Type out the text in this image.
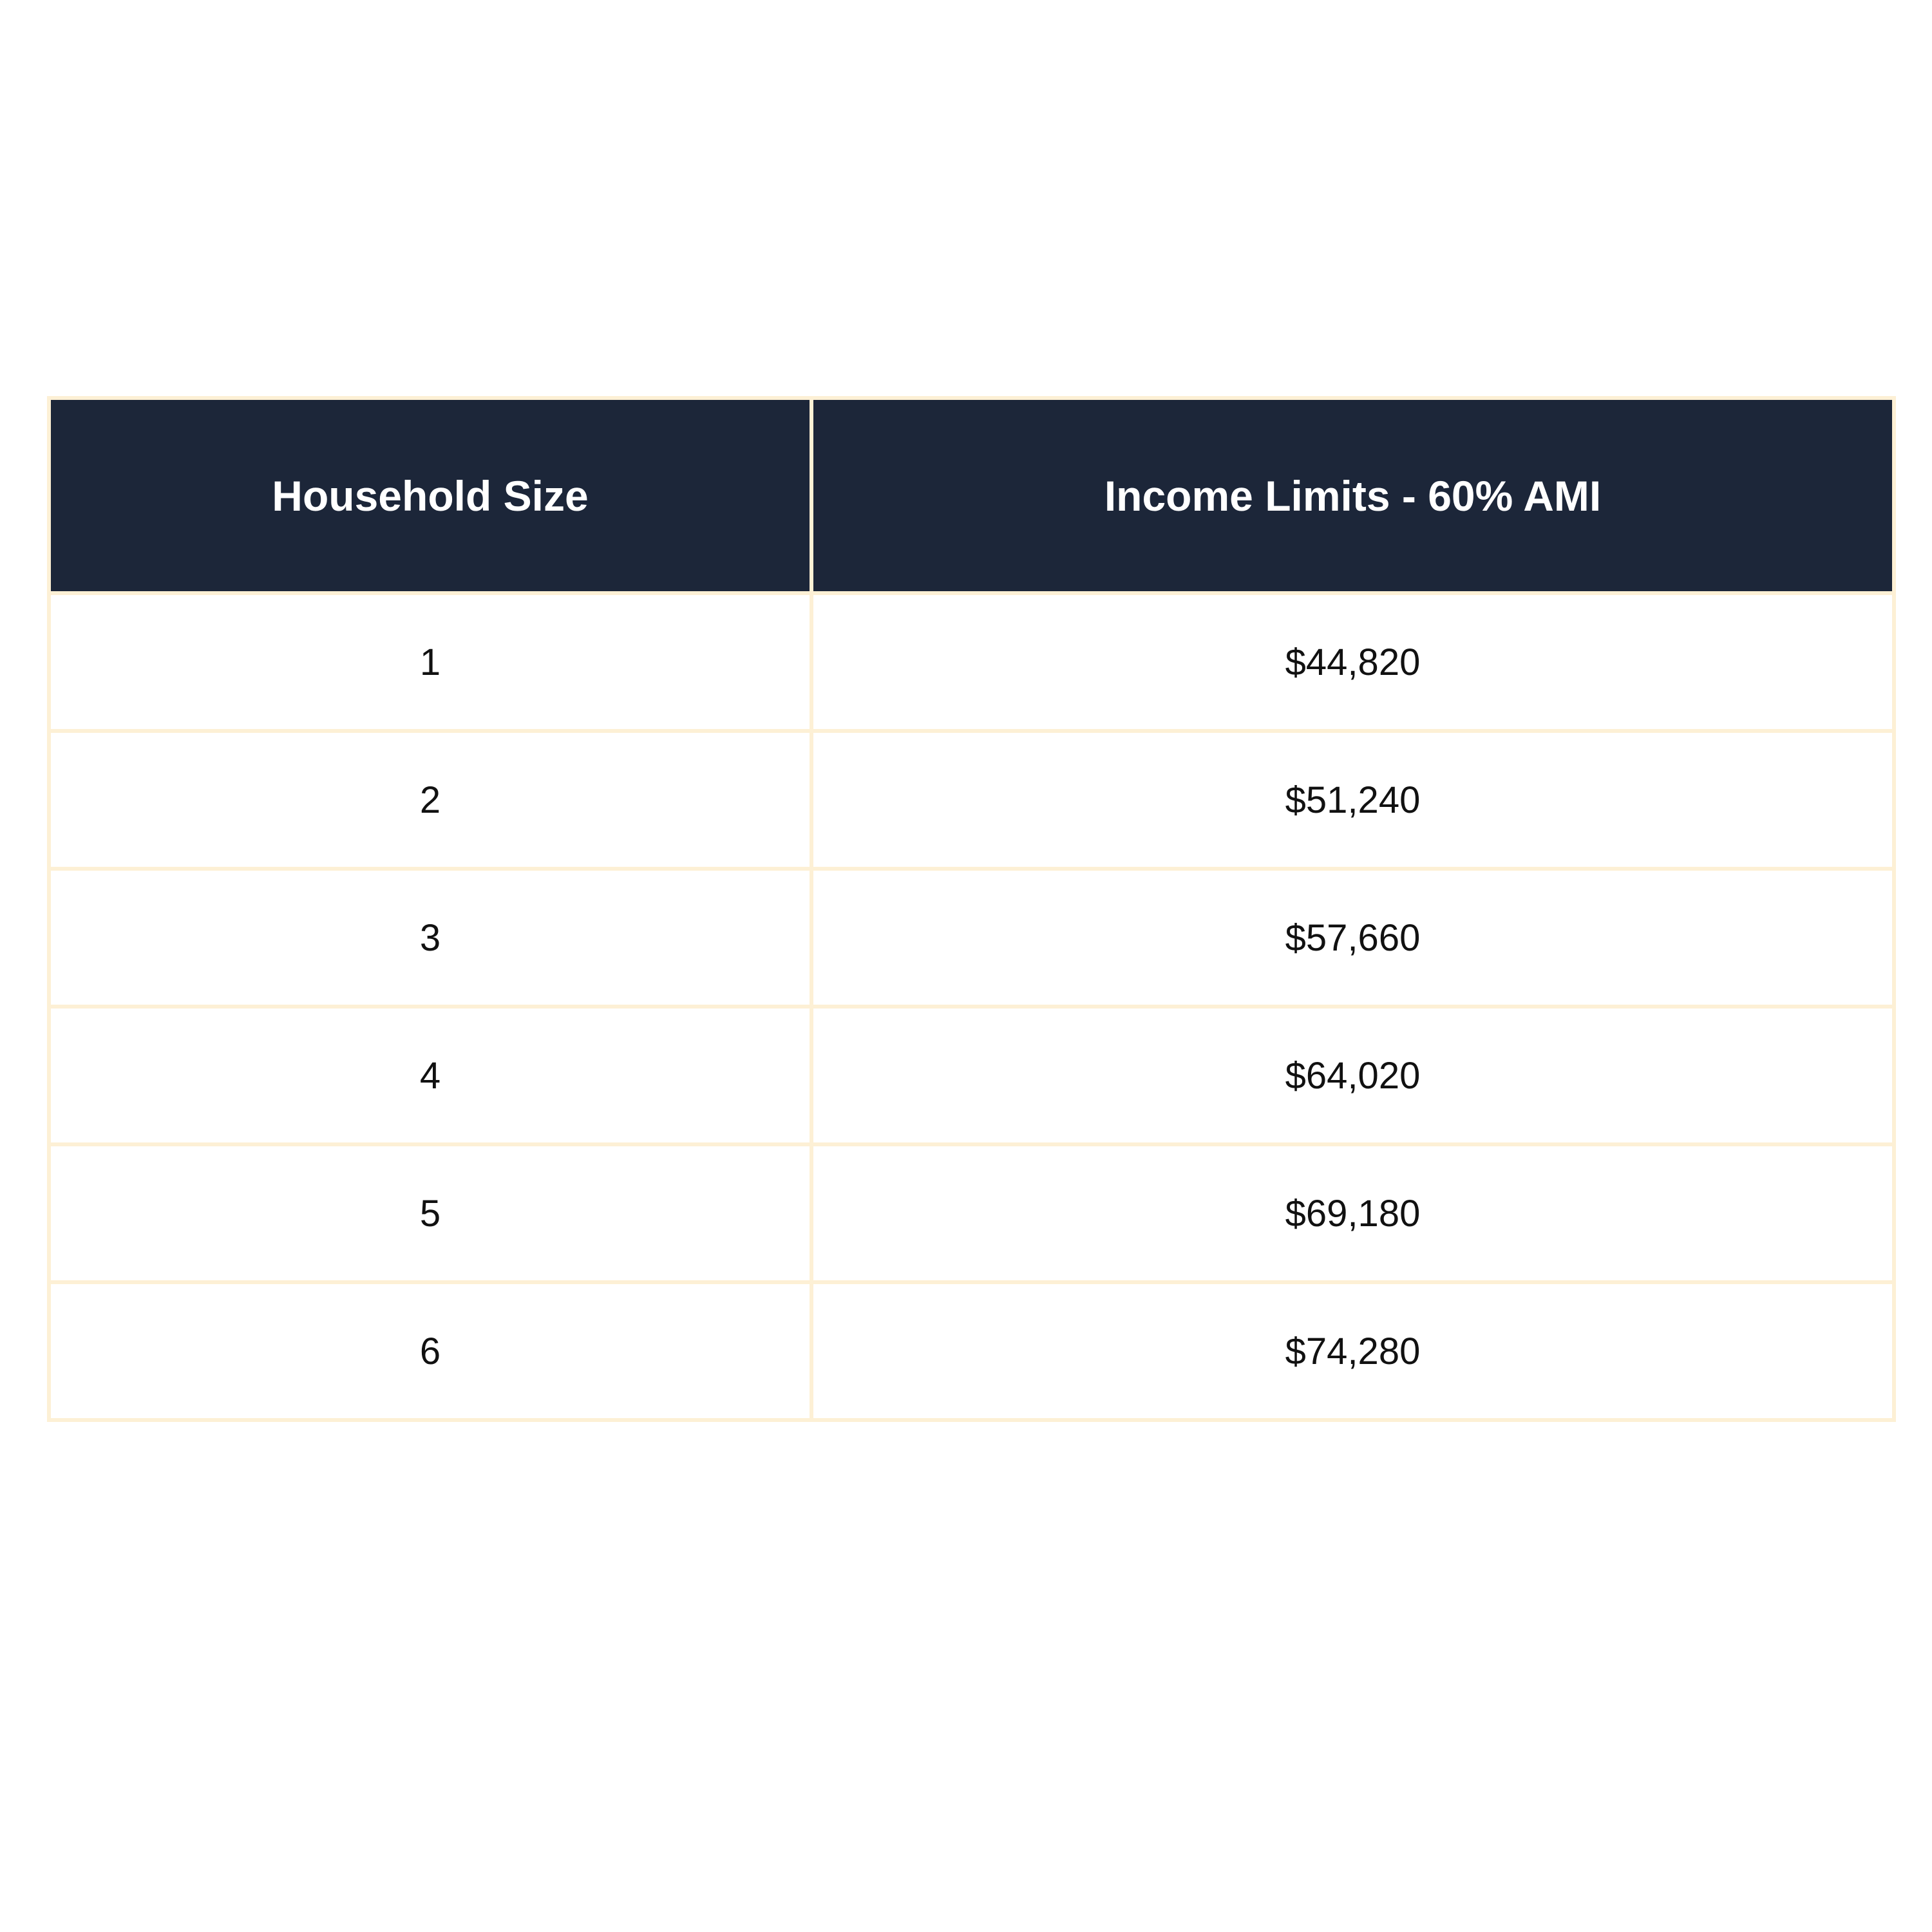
Household Size	Income Limits - 60% AMI
1	$44,820
2	$51,240
3	$57,660
4	$64,020
5	$69,180
6	$74,280
